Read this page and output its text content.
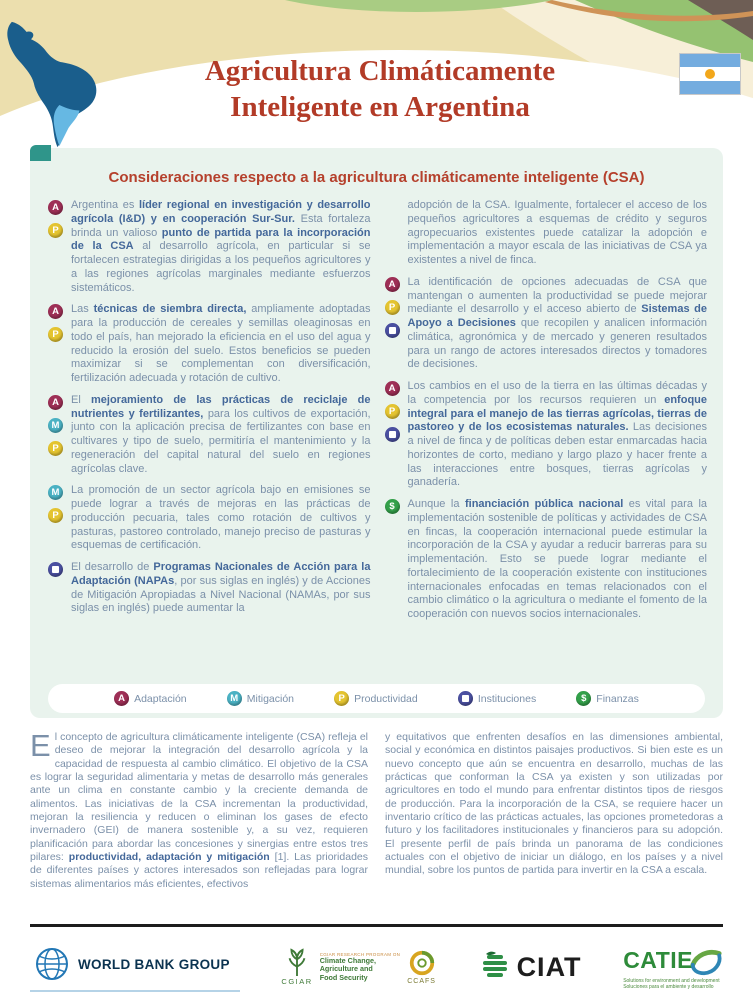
Agricultura Climáticamente
Inteligente en Argentina
Consideraciones respecto a la agricultura climáticamente inteligente (CSA)
A
P
Argentina es líder regional en investigación y desarrollo agrícola (I&D) y en cooperación Sur-Sur. Esta fortaleza brinda un valioso punto de partida para la incorporación de la CSA al desarrollo agrícola, en particular si se fortalecen estrategias dirigidas a los pequeños agricultores y a las regiones agrícolas marginales mediante esfuerzos sistemáticos.
A
P
Las técnicas de siembra directa, ampliamente adoptadas para la producción de cereales y semillas oleaginosas en todo el país, han mejorado la eficiencia en el uso del agua y reducido la erosión del suelo. Estos beneficios se pueden maximizar si se complementan con diversificación, fertilización adecuada y rotación de cultivo.
A
M
P
El mejoramiento de las prácticas de reciclaje de nutrientes y fertilizantes, para los cultivos de exportación, junto con la aplicación precisa de fertilizantes con base en cultivares y tipo de suelo, permitiría el mantenimiento y la regeneración del capital natural del suelo en regiones agrícolas clave.
M
P
La promoción de un sector agrícola bajo en emisiones se puede lograr a través de mejoras en las prácticas de producción pecuaria, tales como rotación de cultivos y pasturas, pastoreo controlado, manejo preciso de pasturas y esquemas de certificación.
El desarrollo de Programas Nacionales de Acción para la Adaptación (NAPAs, por sus siglas en inglés) y de Acciones de Mitigación Apropiadas a Nivel Nacional (NAMAs, por sus siglas en inglés) puede aumentar la
adopción de la CSA. Igualmente, fortalecer el acceso de los pequeños agricultores a esquemas de crédito y seguros agropecuarios existentes puede catalizar la adopción e implementación a mayor escala de las iniciativas de CSA ya existentes a nivel de finca.
A
P
La identificación de opciones adecuadas de CSA que mantengan o aumenten la productividad se puede mejorar mediante el desarrollo y el acceso abierto de Sistemas de Apoyo a Decisiones que recopilen y analicen información climática, agronómica y de mercado y generen resultados para un rango de actores interesados directos y tomadores de decisiones.
A
P
Los cambios en el uso de la tierra en las últimas décadas y la competencia por los recursos requieren un enfoque integral para el manejo de las tierras agrícolas, tierras de pastoreo y de los ecosistemas naturales. Las decisiones a nivel de finca y de políticas deben estar enmarcadas hacia horizontes de corto, mediano y largo plazo y hacer frente a las interacciones entre bosques, tierras agrícolas y ganadería.
$	Aunque la financiación pública nacional es vital para la implementación sostenible de políticas y actividades de CSA en fincas, la cooperación internacional puede estimular la incorporación de la CSA y ayudar a reducir barreras para su implementación. Esto se puede lograr mediante el fortalecimiento de la cooperación existente con instituciones internacionales enfocadas en temas relacionados con el cambio climático o la agricultura o mediante el fomento de la cooperación con nuevos socios internacionales.
A Adaptación	M Mitigación	P Productividad	Instituciones	$ Finanzas

El concepto de agricultura climáticamente inteligente (CSA) refleja el deseo de mejorar la integración del desarrollo agrícola y la capacidad de respuesta al cambio climático. El objetivo de la CSA es lograr la seguridad alimentaria y metas de desarrollo más generales ante un clima en constante cambio y la creciente demanda de alimentos. Las iniciativas de la CSA incrementan la productividad, mejoran la resiliencia y reducen o eliminan los gases de efecto invernadero (GEI) de manera sostenible y, a su vez, requieren planificación para abordar las concesiones y sinergias entre estos tres pilares: productividad, adaptación y mitigación [1]. Las prioridades de diferentes países y actores interesados son reflejadas para lograr sistemas alimentarios más eficientes, efectivos

y equitativos que enfrenten desafíos en las dimensiones ambiental, social y económica en distintos paisajes productivos. Si bien este es un nuevo concepto que aún se encuentra en desarrollo, muchas de las prácticas que conforman la CSA ya existen y son utilizadas por agricultores en todo el mundo para enfrentar distintos tipos de riesgos de producción. Para la incorporación de la CSA, se requiere hacer un inventario crítico de las prácticas actuales, las opciones prometedoras a futuro y los facilitadores institucionales y financieros para su adopción. El presente perfil de país brinda un panorama de las condiciones actuales con el objetivo de iniciar un diálogo, en los países y a nivel mundial, sobre los puntos de partida para invertir en la CSA a escala.

WORLD BANK GROUP
CGIAR
CGIAR RESEARCH PROGRAM ON
Climate Change,
Agriculture and
Food Security	CCAFS	CIAT CATIE
Solutions for environment and development
Soluciones para el ambiente y desarrollo
